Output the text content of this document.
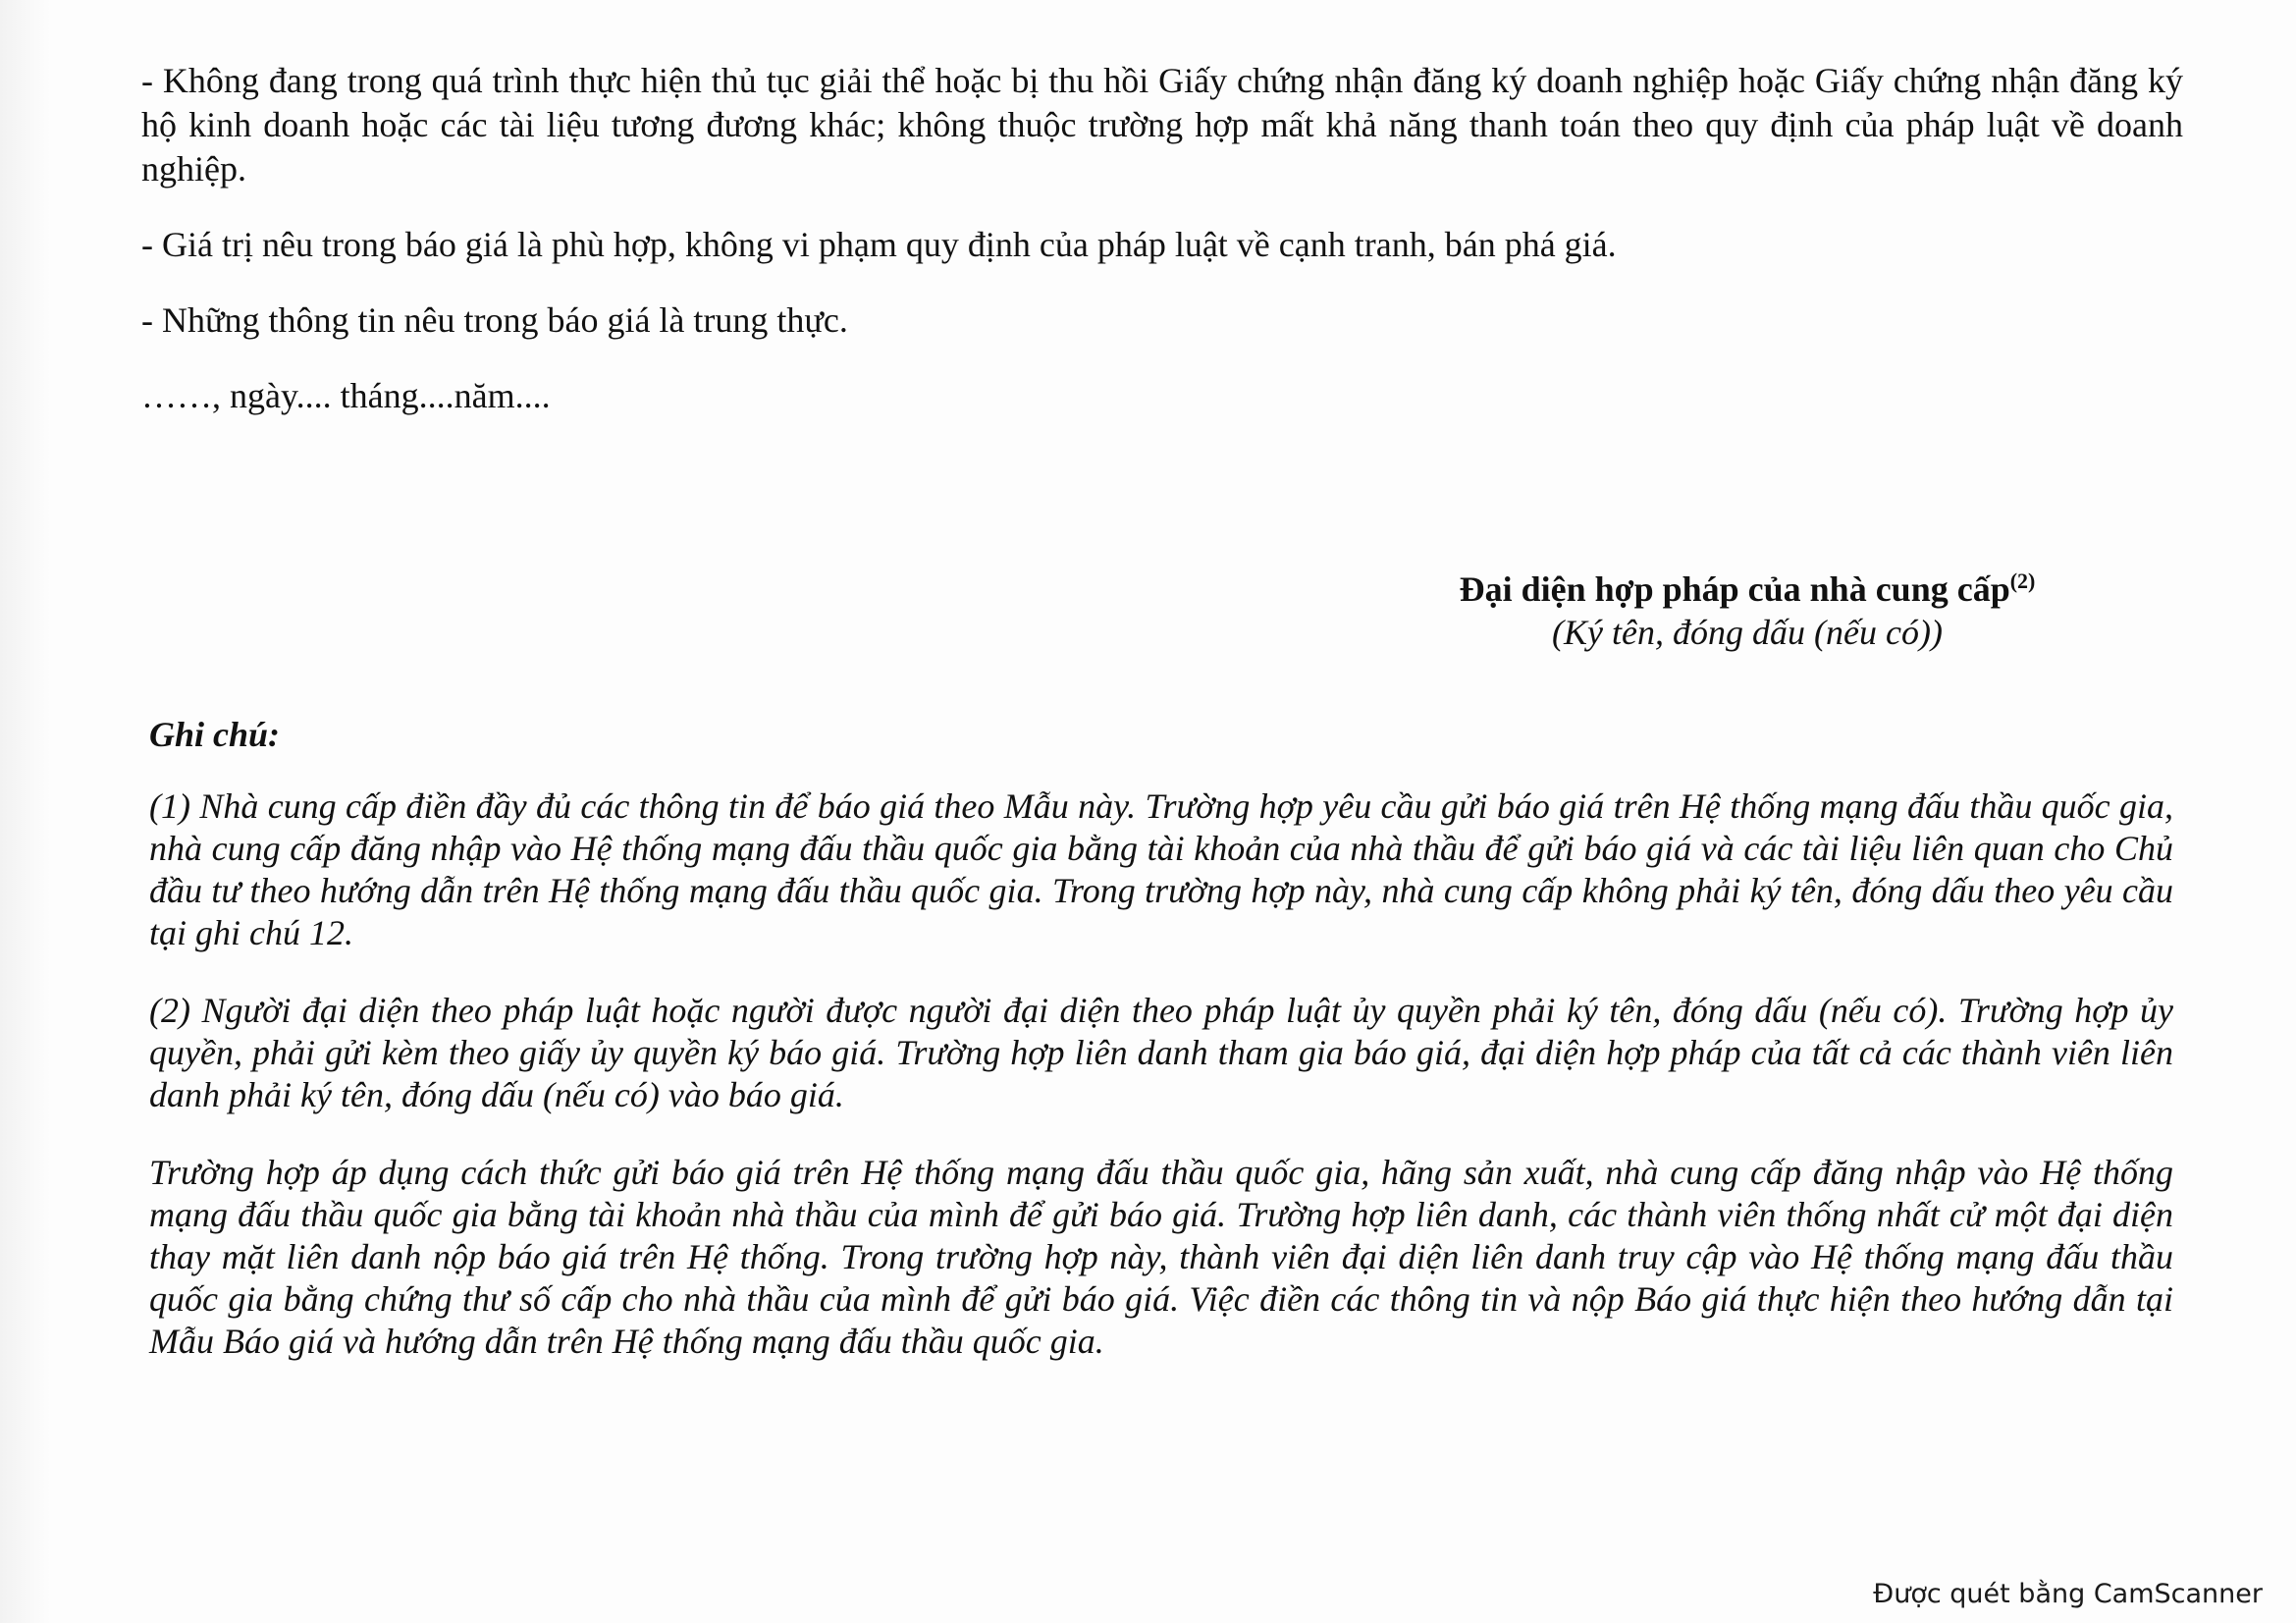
- Không đang trong quá trình thực hiện thủ tục giải thể hoặc bị thu hồi Giấy chứng nhận đăng ký doanh nghiệp hoặc Giấy chứng nhận đăng ký hộ kinh doanh hoặc các tài liệu tương đương khác; không thuộc trường hợp mất khả năng thanh toán theo quy định của pháp luật về doanh nghiệp.

- Giá trị nêu trong báo giá là phù hợp, không vi phạm quy định của pháp luật về cạnh tranh, bán phá giá.

- Những thông tin nêu trong báo giá là trung thực.

……, ngày.... tháng....năm....

Đại diện hợp pháp của nhà cung cấp$^{(2)}$
(Ký tên, đóng dấu (nếu có))
Ghi chú:

(1) Nhà cung cấp điền đầy đủ các thông tin để báo giá theo Mẫu này. Trường hợp yêu cầu gửi báo giá trên Hệ thống mạng đấu thầu quốc gia, nhà cung cấp đăng nhập vào Hệ thống mạng đấu thầu quốc gia bằng tài khoản của nhà thầu để gửi báo giá và các tài liệu liên quan cho Chủ đầu tư theo hướng dẫn trên Hệ thống mạng đấu thầu quốc gia. Trong trường hợp này, nhà cung cấp không phải ký tên, đóng dấu theo yêu cầu tại ghi chú 12.

(2) Người đại diện theo pháp luật hoặc người được người đại diện theo pháp luật ủy quyền phải ký tên, đóng dấu (nếu có). Trường hợp ủy quyền, phải gửi kèm theo giấy ủy quyền ký báo giá. Trường hợp liên danh tham gia báo giá, đại diện hợp pháp của tất cả các thành viên liên danh phải ký tên, đóng dấu (nếu có) vào báo giá.

Trường hợp áp dụng cách thức gửi báo giá trên Hệ thống mạng đấu thầu quốc gia, hãng sản xuất, nhà cung cấp đăng nhập vào Hệ thống mạng đấu thầu quốc gia bằng tài khoản nhà thầu của mình để gửi báo giá. Trường hợp liên danh, các thành viên thống nhất cử một đại diện thay mặt liên danh nộp báo giá trên Hệ thống. Trong trường hợp này, thành viên đại diện liên danh truy cập vào Hệ thống mạng đấu thầu quốc gia bằng chứng thư số cấp cho nhà thầu của mình để gửi báo giá. Việc điền các thông tin và nộp Báo giá thực hiện theo hướng dẫn tại Mẫu Báo giá và hướng dẫn trên Hệ thống mạng đấu thầu quốc gia.

Được quét bằng CamScanner
